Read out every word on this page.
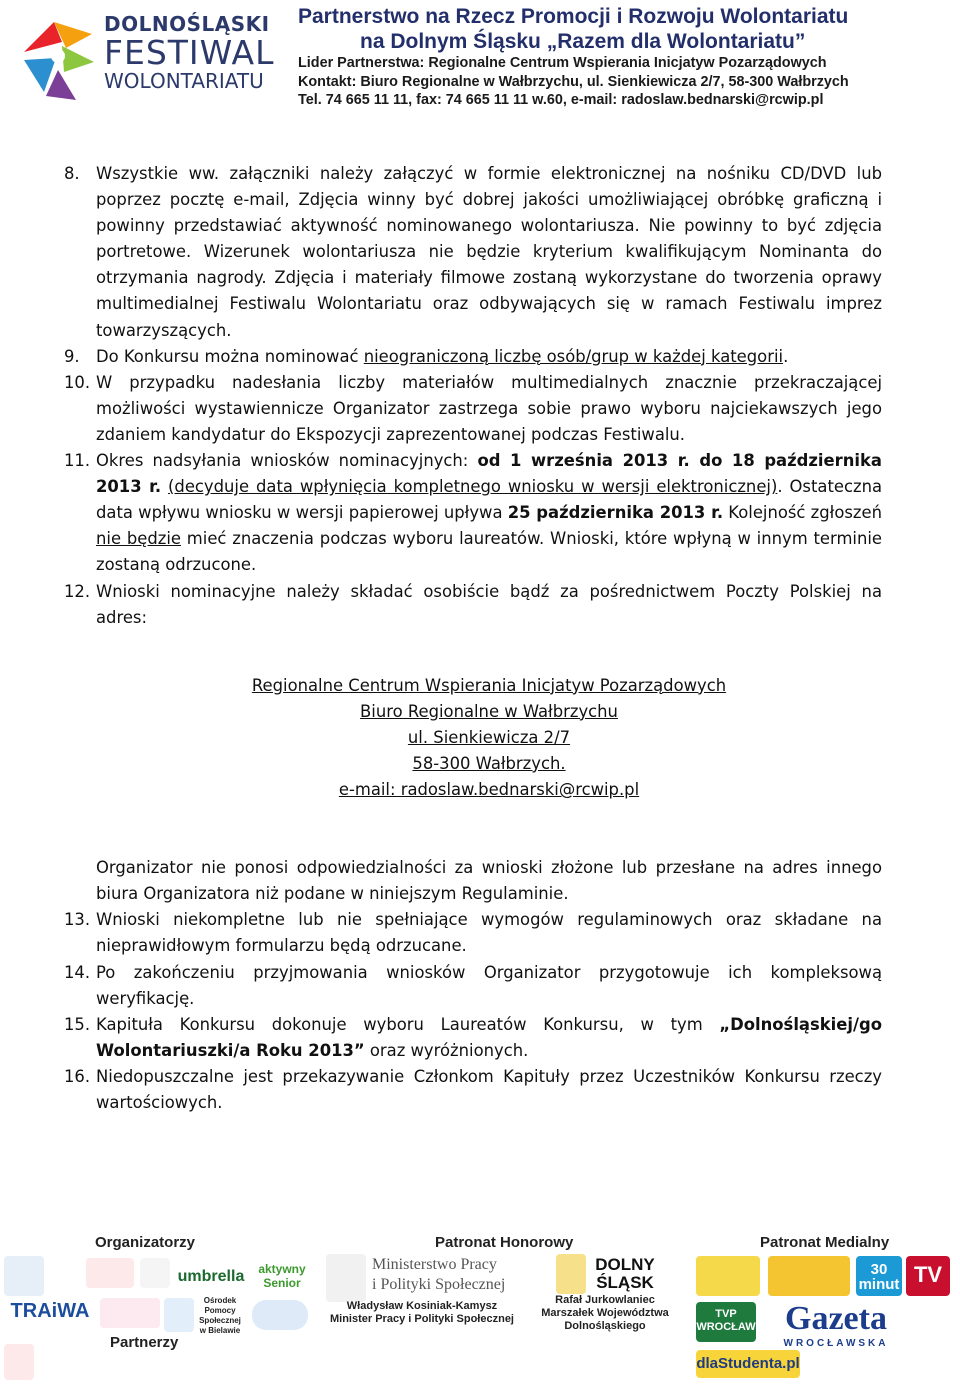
DOLNOŚLĄSKI
FESTIWAL
WOLONTARIATU
Partnerstwo na Rzecz Promocji i Rozwoju Wolontariatu
na Dolnym Śląsku „Razem dla Wolontariatu”
Lider Partnerstwa: Regionalne Centrum Wspierania Inicjatyw Pozarządowych
Kontakt: Biuro Regionalne w Wałbrzychu, ul. Sienkiewicza 2/7, 58-300 Wałbrzych
Tel. 74 665 11 11, fax: 74 665 11 11 w.60, e-mail: radoslaw.bednarski@rcwip.pl
8. Wszystkie ww. załączniki należy załączyć w formie elektronicznej na nośniku CD/DVD lub poprzez pocztę e-mail, Zdjęcia winny być dobrej jakości umożliwiającej obróbkę graficzną i powinny przedstawiać aktywność nominowanego wolontariusza. Nie powinny to być zdjęcia portretowe. Wizerunek wolontariusza nie będzie kryterium kwalifikującym Nominanta do otrzymania nagrody. Zdjęcia i materiały filmowe zostaną wykorzystane do tworzenia oprawy multimedialnej Festiwalu Wolontariatu oraz odbywających się w ramach Festiwalu imprez towarzyszących.
9. Do Konkursu można nominować nieograniczoną liczbę osób/grup w każdej kategorii.
10. W przypadku nadesłania liczby materiałów multimedialnych znacznie przekraczającej możliwości wystawiennicze Organizator zastrzega sobie prawo wyboru najciekawszych jego zdaniem kandydatur do Ekspozycji zaprezentowanej podczas Festiwalu.
11. Okres nadsyłania wniosków nominacyjnych: od 1 września 2013 r. do 18 października 2013 r. (decyduje data wpłynięcia kompletnego wniosku w wersji elektronicznej). Ostateczna data wpływu wniosku w wersji papierowej upływa 25 października 2013 r. Kolejność zgłoszeń nie będzie mieć znaczenia podczas wyboru laureatów. Wnioski, które wpłyną w innym terminie zostaną odrzucone.
12. Wnioski nominacyjne należy składać osobiście bądź za pośrednictwem Poczty Polskiej na adres:
Regionalne Centrum Wspierania Inicjatyw Pozarządowych
Biuro Regionalne w Wałbrzychu
ul. Sienkiewicza 2/7
58-300 Wałbrzych.
e-mail: radoslaw.bednarski@rcwip.pl
Organizator nie ponosi odpowiedzialności za wnioski złożone lub przesłane na adres innego biura Organizatora niż podane w niniejszym Regulaminie.
13. Wnioski niekompletne lub nie spełniające wymogów regulaminowych oraz składane na nieprawidłowym formularzu będą odrzucane.
14. Po zakończeniu przyjmowania wniosków Organizator przygotowuje ich kompleksową weryfikację.
15. Kapituła Konkursu dokonuje wyboru Laureatów Konkursu, w tym „Dolnośląskiej/go Wolontariuszki/a Roku 2013” oraz wyróżnionych.
16. Niedopuszczalne jest przekazywanie Członkom Kapituły przez Uczestników Konkursu rzeczy wartościowych.
Organizatorzy	Patronat Honorowy	Patronat Medialny
Partnerzy
umbrella	aktywny Senior
TRAiWA	Ośrodek Pomocy Społecznej w Bielawie
Ministerstwo Pracy
i Polityki Społecznej
DOLNY ŚLĄSK
Władysław Kosiniak-Kamysz
Minister Pracy i Polityki Społecznej
Rafał Jurkowlaniec
Marszałek Województwa
Dolnośląskiego
30 minut TV
TVP WROCŁAW Gazeta
WROCŁAWSKA
dlaStudenta.pl
